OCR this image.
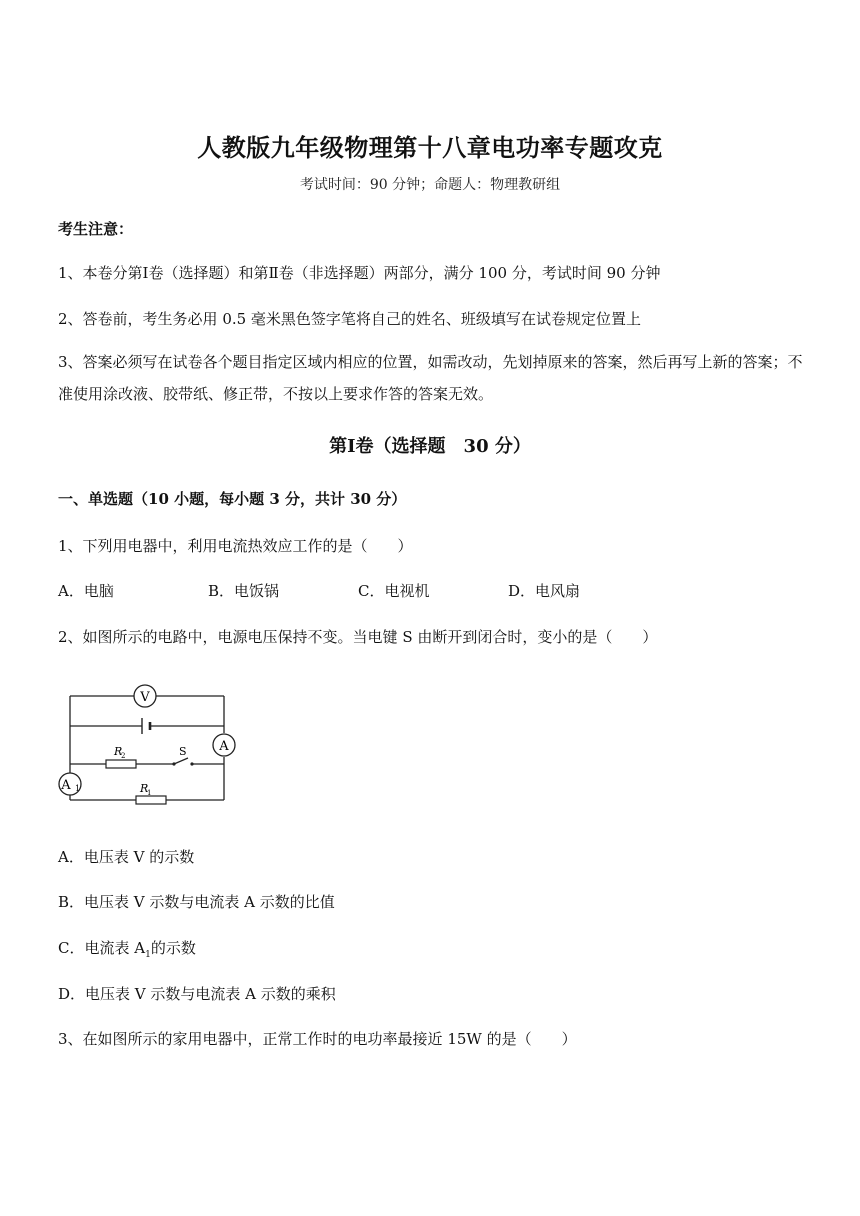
人教版九年级物理第十八章电功率专题攻克
考试时间：90 分钟；命题人：物理教研组
考生注意：
1、本卷分第Ⅰ卷（选择题）和第Ⅱ卷（非选择题）两部分，满分 100 分，考试时间 90 分钟
2、答卷前，考生务必用 0.5 毫米黑色签字笔将自己的姓名、班级填写在试卷规定位置上
3、答案必须写在试卷各个题目指定区域内相应的位置，如需改动，先划掉原来的答案，然后再写上新的答案；不准使用涂改液、胶带纸、修正带，不按以上要求作答的答案无效。
第Ⅰ卷（选择题　30 分）
一、单选题（10 小题，每小题 3 分，共计 30 分）
1、下列用电器中，利用电流热效应工作的是（　　）
A．电脑	B．电饭锅	C．电视机	D．电风扇
2、如图所示的电路中，电源电压保持不变。当电键 S 由断开到闭合时，变小的是（　　）
V
A
A 1
R
2
R
1
S
A．电压表 V 的示数
B．电压表 V 示数与电流表 A 示数的比值
C．电流表 $A_1$的示数
D．电压表 V 示数与电流表 A 示数的乘积
3、在如图所示的家用电器中，正常工作时的电功率最接近 15W 的是（　　）
